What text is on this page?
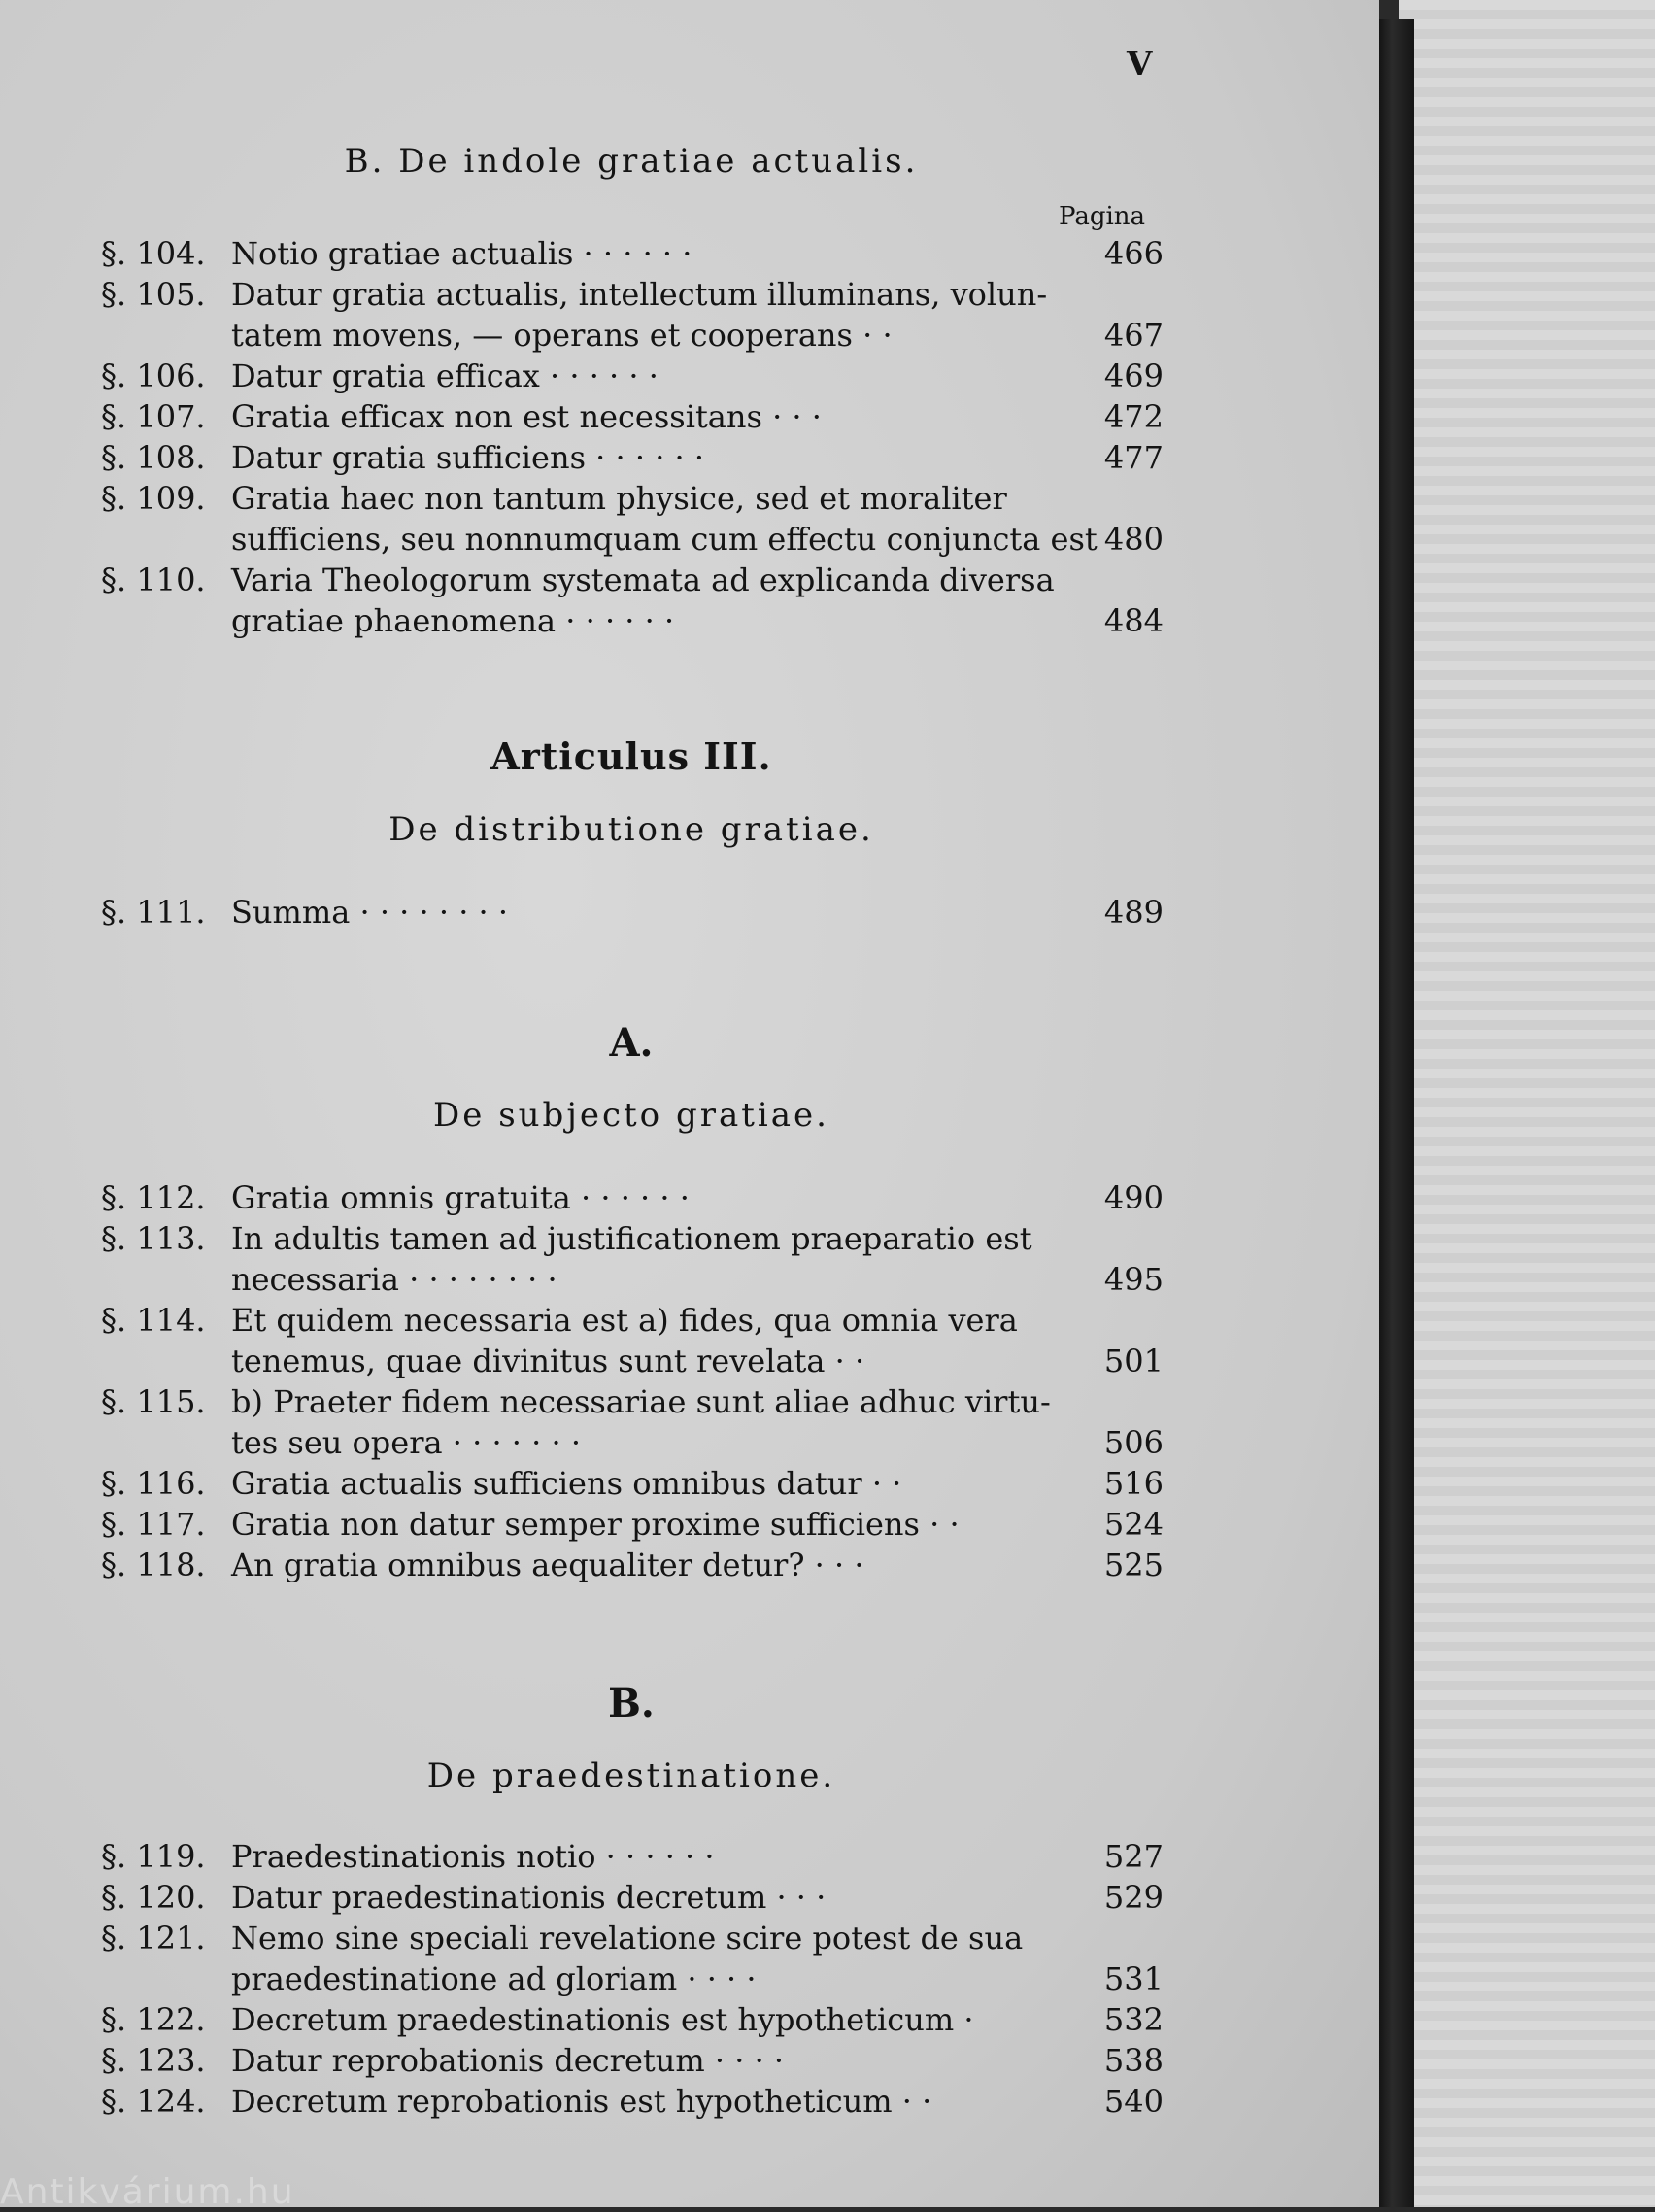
V
B. De indole gratiae actualis.
Pagina
§. 104. Notio gratiae actualis · · · · · ·	466
§. 105. Datur gratia actualis, intellectum illuminans, volun-
tatem movens, — operans et cooperans · ·	467
§. 106. Datur gratia efficax · · · · · ·	469
§. 107. Gratia efficax non est necessitans · · ·	472
§. 108. Datur gratia sufficiens · · · · · ·	477
§. 109. Gratia haec non tantum physice, sed et moraliter
sufficiens, seu nonnumquam cum effectu conjuncta est 480
§. 110. Varia Theologorum systemata ad explicanda diversa
gratiae phaenomena · · · · · ·	484
Articulus III.
De distributione gratiae.
§. 111. Summa · · · · · · · ·	489
A.
De subjecto gratiae.
§. 112. Gratia omnis gratuita · · · · · ·	490
§. 113. In adultis tamen ad justificationem praeparatio est
necessaria · · · · · · · ·	495
§. 114. Et quidem necessaria est a) fides, qua omnia vera
tenemus, quae divinitus sunt revelata · ·	501
§. 115. b) Praeter fidem necessariae sunt aliae adhuc virtu-
tes seu opera · · · · · · ·	506
§. 116. Gratia actualis sufficiens omnibus datur · ·	516
§. 117. Gratia non datur semper proxime sufficiens · ·	524
§. 118. An gratia omnibus aequaliter detur? · · ·	525
B.
De praedestinatione.
§. 119. Praedestinationis notio · · · · · ·	527
§. 120. Datur praedestinationis decretum · · ·	529
§. 121. Nemo sine speciali revelatione scire potest de sua
praedestinatione ad gloriam · · · ·	531
§. 122. Decretum praedestinationis est hypotheticum ·	532
§. 123. Datur reprobationis decretum · · · ·	538
§. 124. Decretum reprobationis est hypotheticum · ·	540
Antikvárium.hu
